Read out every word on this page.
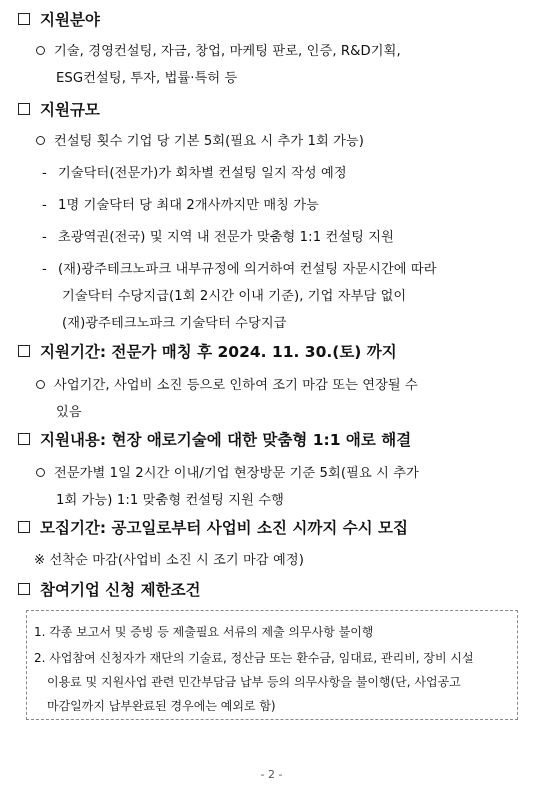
지원분야
기술, 경영컨설팅, 자금, 창업, 마케팅 판로, 인증, R&D기획,
ESG컨설팅, 투자, 법률·특허 등
지원규모
컨설팅 횟수 기업 당 기본 5회(필요 시 추가 1회 가능)
- 기술닥터(전문가)가 회차별 컨설팅 일지 작성 예정
- 1명 기술닥터 당 최대 2개사까지만 매칭 가능
- 초광역권(전국) 및 지역 내 전문가 맞춤형 1:1 컨설팅 지원
- (재)광주테크노파크 내부규정에 의거하여 컨설팅 자문시간에 따라
기술닥터 수당지급(1회 2시간 이내 기준), 기업 자부담 없이
(재)광주테크노파크 기술닥터 수당지급
지원기간: 전문가 매칭 후 2024. 11. 30.(토) 까지
사업기간, 사업비 소진 등으로 인하여 조기 마감 또는 연장될 수
있음
지원내용: 현장 애로기술에 대한 맞춤형 1:1 애로 해결
전문가별 1일 2시간 이내/기업 현장방문 기준 5회(필요 시 추가
1회 가능) 1:1 맞춤형 컨설팅 지원 수행
모집기간: 공고일로부터 사업비 소진 시까지 수시 모집
※ 선착순 마감(사업비 소진 시 조기 마감 예정)
참여기업 신청 제한조건
1. 각종 보고서 및 증빙 등 제출필요 서류의 제출 의무사항 불이행
2. 사업참여 신청자가 재단의 기술료, 정산금 또는 환수금, 임대료, 관리비, 장비 시설
이용료 및 지원사업 관련 민간부담금 납부 등의 의무사항을 불이행(단, 사업공고
마감일까지 납부완료된 경우에는 예외로 함)
- 2 -
